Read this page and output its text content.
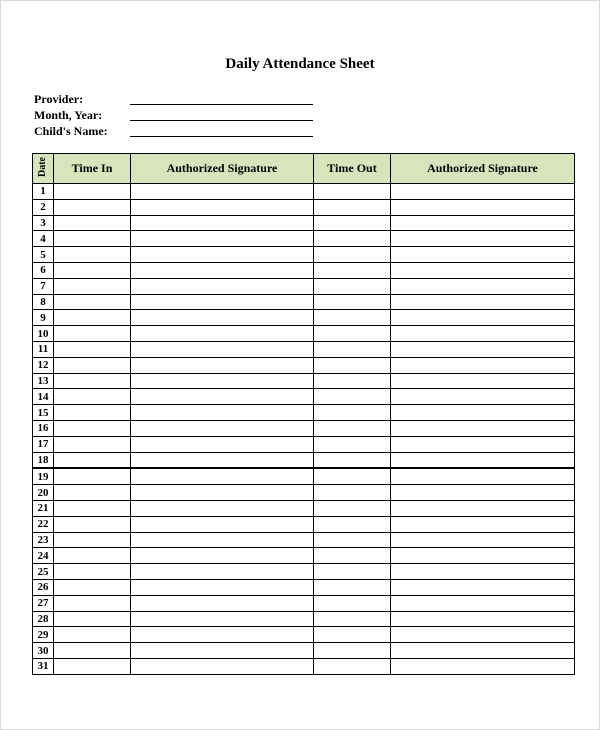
Daily Attendance Sheet
Provider:
Month, Year:
Child's Name:
Date	Time In	Authorized Signature	Time Out	Authorized Signature
1				
2				
3				
4				
5				
6				
7				
8				
9				
10				
11				
12				
13				
14				
15				
16				
17				
18				
19				
20				
21				
22				
23				
24				
25				
26				
27				
28				
29				
30				
31				
